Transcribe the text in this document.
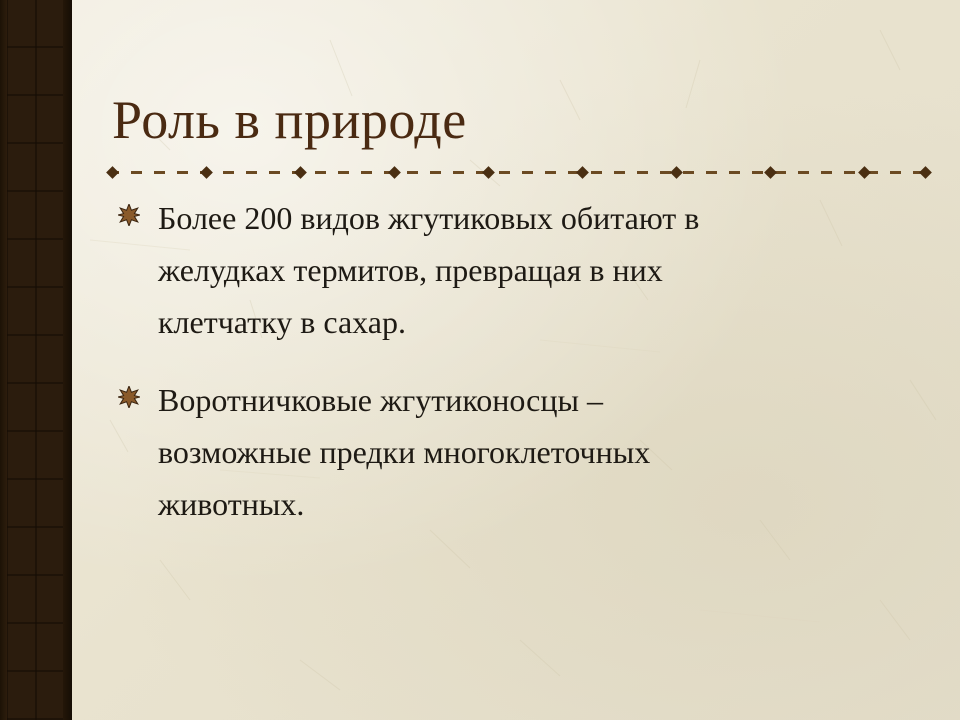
Роль в природе
Более 200 видов жгутиковых обитают в
желудках термитов, превращая в них
клетчатку в сахар.
Воротничковые жгутиконосцы –
возможные предки многоклеточных
животных.
